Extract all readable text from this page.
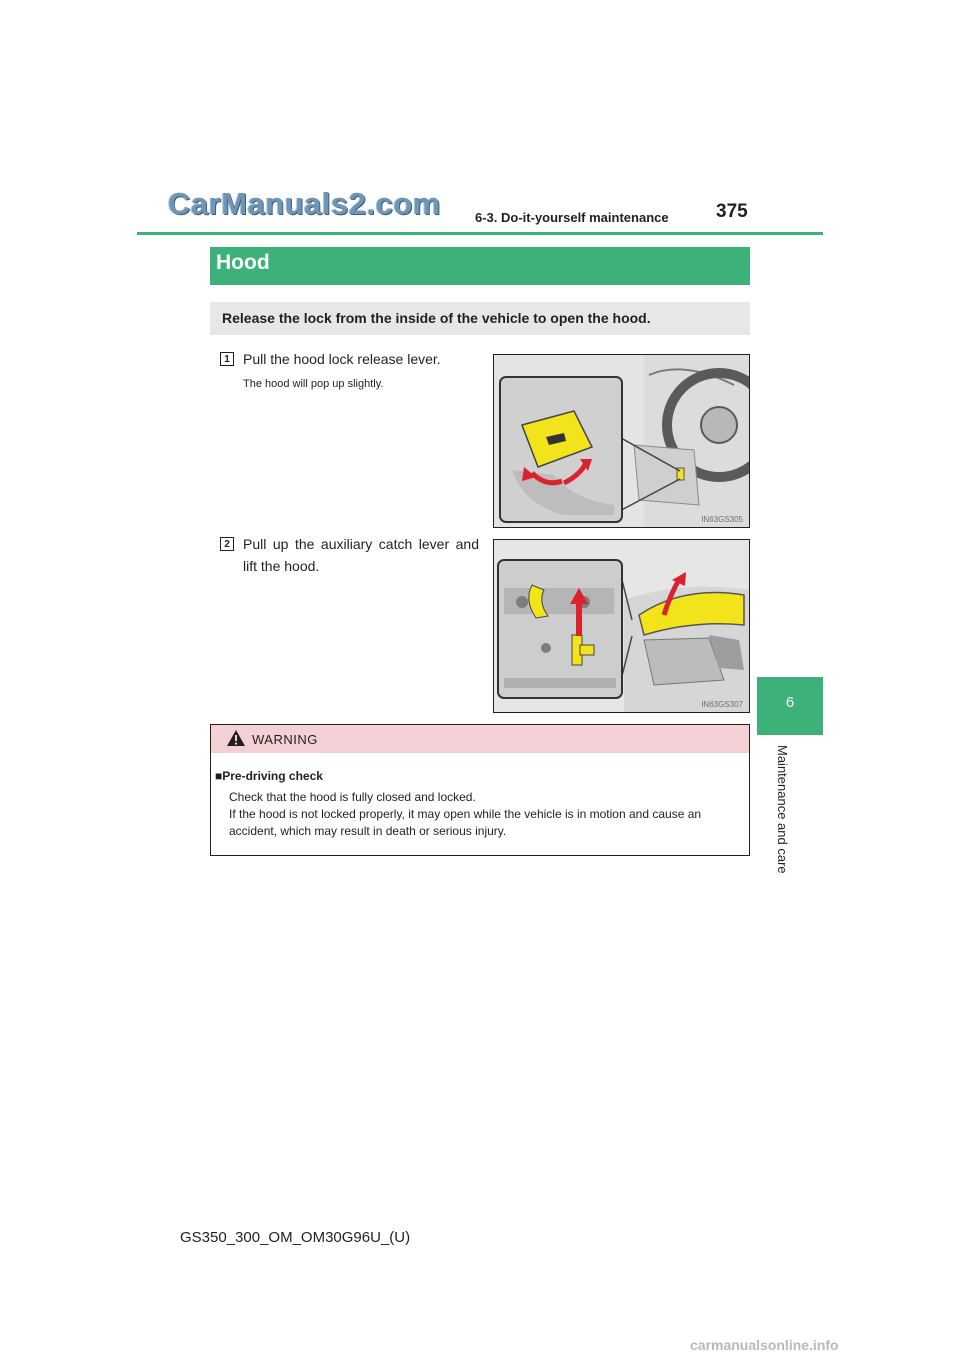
CarManuals2.com	6-3. Do-it-yourself maintenance 375
6
Maintenance and care
Hood
Release the lock from the inside of the vehicle to open the hood.
1 Pull the hood lock release lever.
The hood will pop up slightly.
IN63GS305
2 Pull up the auxiliary catch lever and lift the hood.
IN63GS307
WARNING
■Pre-driving check
Check that the hood is fully closed and locked.
If the hood is not locked properly, it may open while the vehicle is in motion and cause an accident, which may result in death or serious injury.
GS350_300_OM_OM30G96U_(U)
carmanualsonline.info
